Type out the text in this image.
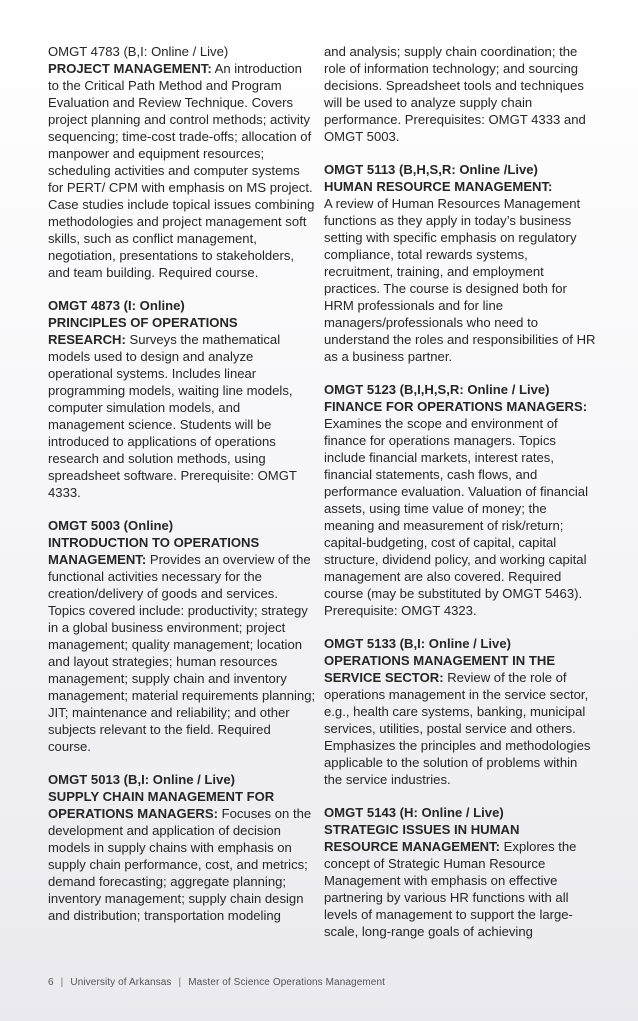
OMGT 4783 (B,I: Online / Live)

PROJECT MANAGEMENT: An introduction to the Critical Path Method and Program Evaluation and Review Technique. Covers project planning and control methods; activity sequencing; time-cost trade-offs; allocation of manpower and equipment resources; scheduling activities and computer systems for PERT/ CPM with emphasis on MS project. Case studies include topical issues combining methodologies and project management soft skills, such as conflict management, negotiation, presentations to stakeholders, and team building. Required course.

OMGT 4873 (I: Online)

PRINCIPLES OF OPERATIONS RESEARCH: Surveys the mathematical models used to design and analyze operational systems. Includes linear programming models, waiting line models, computer simulation models, and management science. Students will be introduced to applications of operations research and solution methods, using spreadsheet software. Prerequisite: OMGT 4333.

OMGT 5003 (Online)

INTRODUCTION TO OPERATIONS MANAGEMENT: Provides an overview of the functional activities necessary for the creation/delivery of goods and services. Topics covered include: productivity; strategy in a global business environment; project management; quality management; location and layout strategies; human resources management; supply chain and inventory management; material requirements planning; JIT; maintenance and reliability; and other subjects relevant to the field. Required course.

OMGT 5013 (B,I: Online / Live)

SUPPLY CHAIN MANAGEMENT FOR OPERATIONS MANAGERS: Focuses on the development and application of decision models in supply chains with emphasis on supply chain performance, cost, and metrics; demand forecasting; aggregate planning; inventory management; supply chain design and distribution; transportation modeling

and analysis; supply chain coordination; the role of information technology; and sourcing decisions. Spreadsheet tools and techniques will be used to analyze supply chain performance. Prerequisites: OMGT 4333 and OMGT 5003.

OMGT 5113 (B,H,S,R: Online /Live)

HUMAN RESOURCE MANAGEMENT:

A review of Human Resources Management functions as they apply in today’s business setting with specific emphasis on regulatory compliance, total rewards systems, recruitment, training, and employment practices. The course is designed both for HRM professionals and for line managers/professionals who need to understand the roles and responsibilities of HR as a business partner.

OMGT 5123 (B,I,H,S,R: Online / Live)

FINANCE FOR OPERATIONS MANAGERS: Examines the scope and environment of finance for operations managers. Topics include financial markets, interest rates, financial statements, cash flows, and performance evaluation. Valuation of financial assets, using time value of money; the meaning and measurement of risk/return; capital-budgeting, cost of capital, capital structure, dividend policy, and working capital management are also covered. Required course (may be substituted by OMGT 5463). Prerequisite: OMGT 4323.

OMGT 5133 (B,I: Online / Live)

OPERATIONS MANAGEMENT IN THE SERVICE SECTOR: Review of the role of operations management in the service sector, e.g., health care systems, banking, municipal services, utilities, postal service and others. Emphasizes the principles and methodologies applicable to the solution of problems within the service industries.

OMGT 5143 (H: Online / Live)

STRATEGIC ISSUES IN HUMAN RESOURCE MANAGEMENT: Explores the concept of Strategic Human Resource Management with emphasis on effective partnering by various HR functions with all levels of management to support the large-scale, long-range goals of achieving

6 | University of Arkansas | Master of Science Operations Management
